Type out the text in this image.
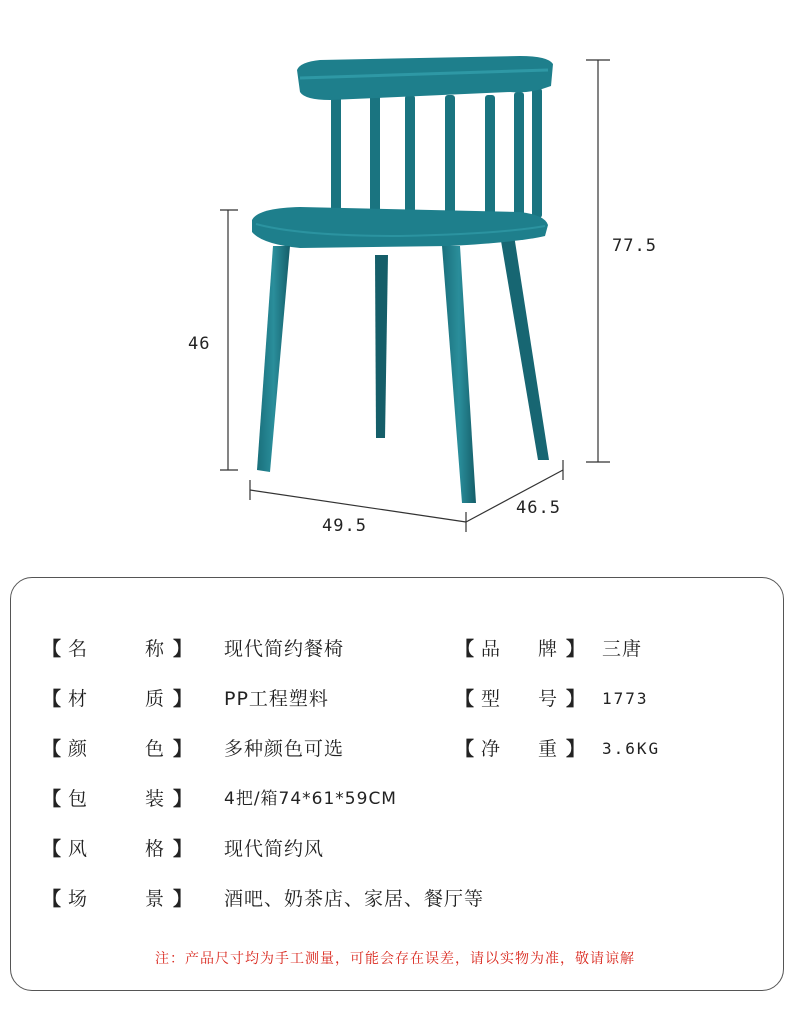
77.5
46
49.5
46.5
【 名称 】 现代简约餐椅	【 品牌 】 三唐
【 材质 】 PP工程塑料	【 型号 】 1773
【 颜色 】 多种颜色可选	【 净重 】 3.6KG
【 包装 】 4把/箱74*61*59CM
【 风格 】 现代简约风
【 场景 】 酒吧、奶茶店、家居、餐厅等
注：产品尺寸均为手工测量，可能会存在误差，请以实物为准，敬请谅解
